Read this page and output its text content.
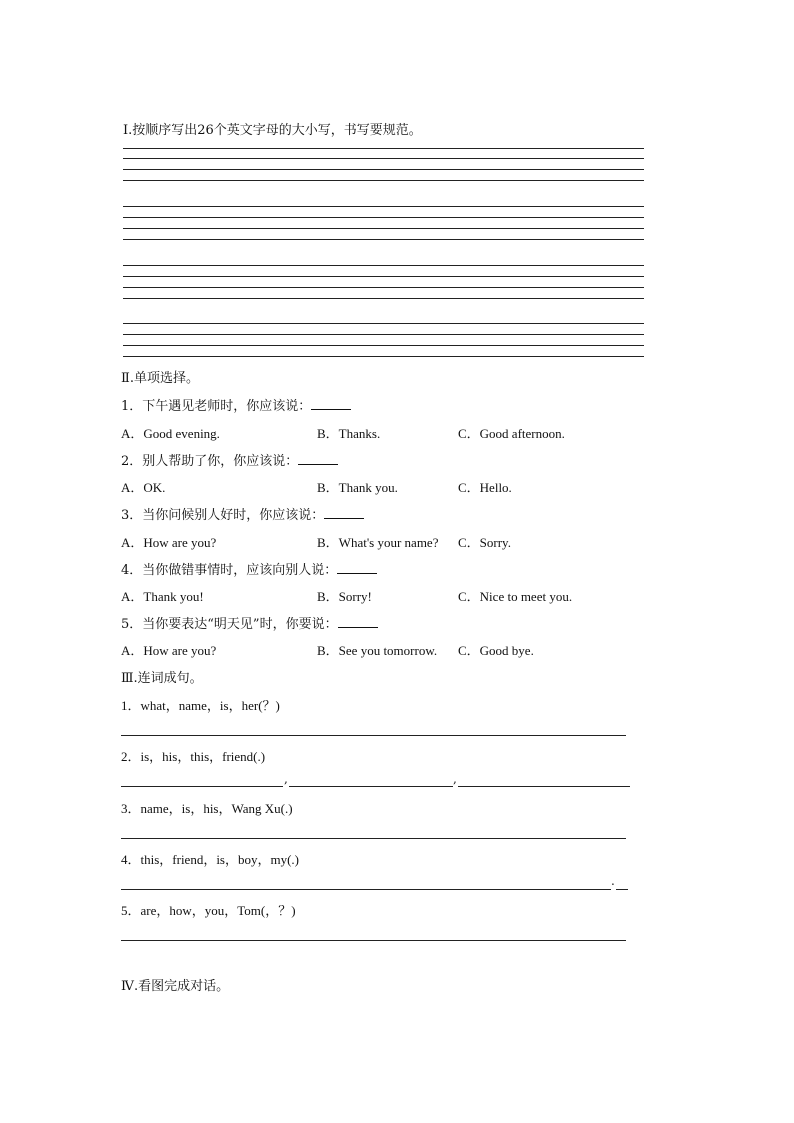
Ⅰ.按顺序写出26个英文字母的大小写，书写要规范。
Ⅱ.单项选择。
1．下午遇见老师时，你应该说：
A．Good evening.	B．Thanks.	C．Good afternoon.
2．别人帮助了你，你应该说：
A．OK.	B．Thank you.	C．Hello.
3．当你问候别人好时，你应该说：
A．How are you?	B．What's your name? C．Sorry.
4．当你做错事情时，应该向别人说：
A．Thank you!	B．Sorry!	C．Nice to meet you.
5．当你要表达“明天见”时，你要说：
A．How are you?	B．See you tomorrow. C．Good bye.
Ⅲ.连词成句。
1．what，name，is，her(？)
2．is，his，this，friend(.)
,	,
3．name，is，his，Wang Xu(.)
4．this，friend，is，boy，my(.)
.
5．are，how，you，Tom(，？)
Ⅳ.看图完成对话。
